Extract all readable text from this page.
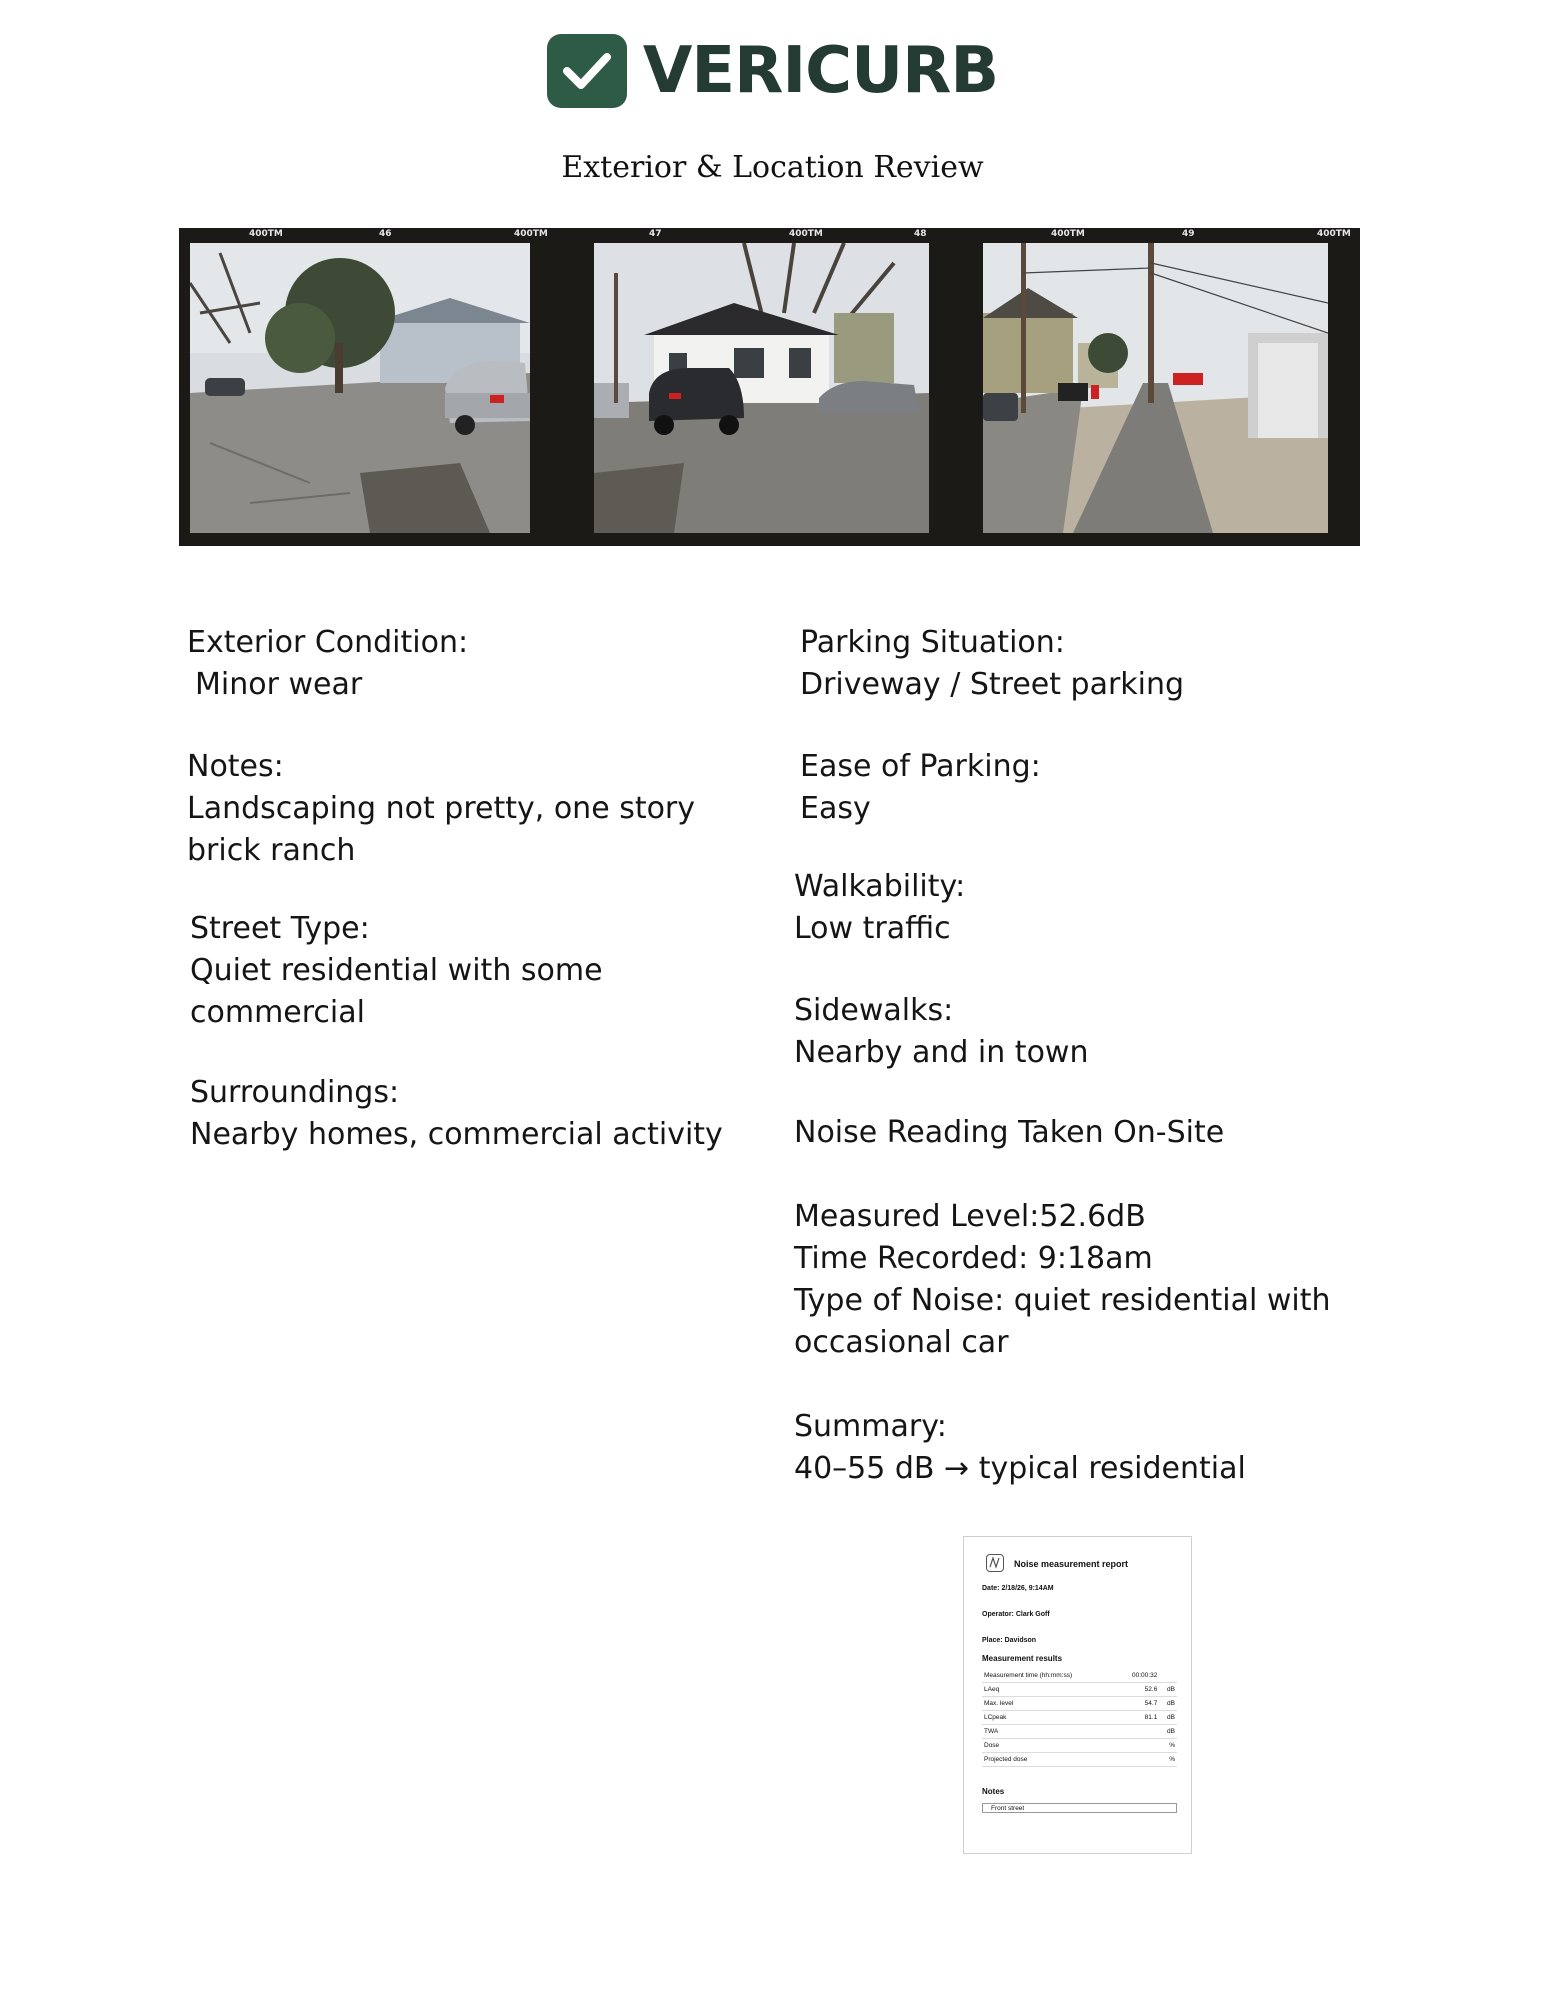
VERICURB
Exterior & Location Review
400TM	46	400TM	47	400TM	48	400TM	49	400TM
Exterior Condition:
Minor wear
Notes:
Landscaping not pretty, one story
brick ranch
Street Type:
Quiet residential with some
commercial
Surroundings:
Nearby homes, commercial activity
Parking Situation:
Driveway / Street parking
Ease of Parking:
Easy
Walkability:
Low traffic
Sidewalks:
Nearby and in town
Noise Reading Taken On-Site
Measured Level:52.6dB
Time Recorded: 9:18am
Type of Noise: quiet residential with
occasional car
Summary:
40–55 dB → typical residential
Noise measurement report
Date: 2/18/26, 9:14AM
Operator: Clark Goff
Place: Davidson
Measurement results
Measurement time (hh:mm:ss)	00:00:32	
LAeq	52.6	dB
Max. level	54.7	dB
LCpeak	81.1	dB
TWA		dB
Dose		%
Projected dose		%
Notes
Front street
